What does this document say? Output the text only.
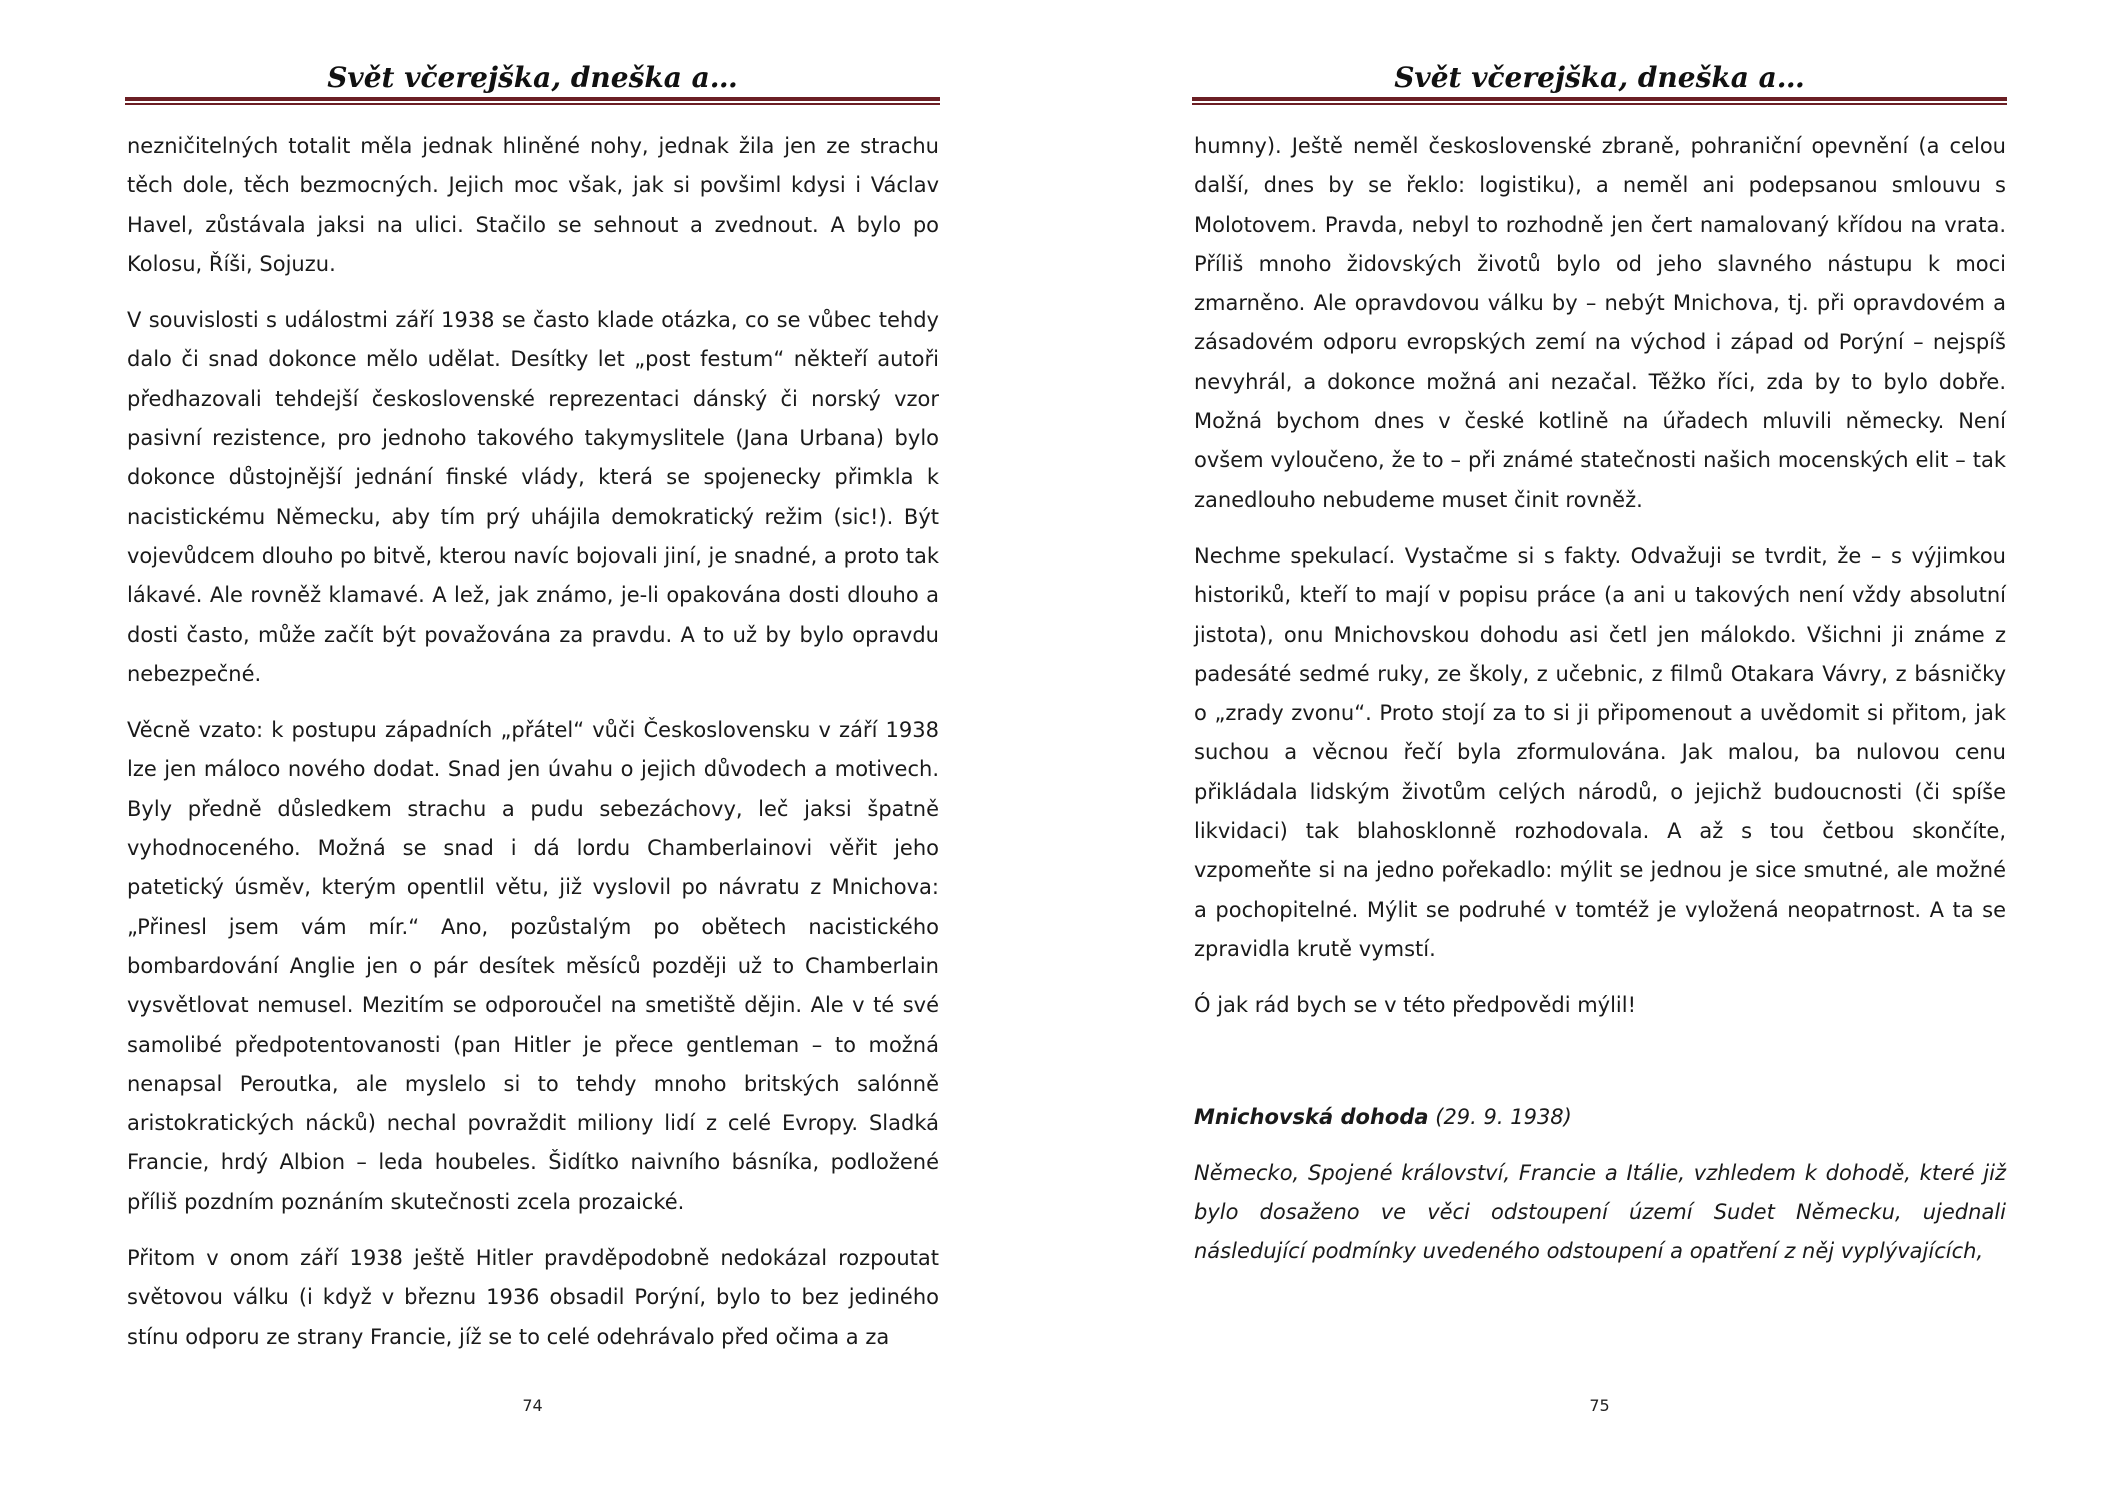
Svět včerejška, dneška a…

nezničitelných totalit měla jednak hliněné nohy, jednak žila jen ze strachu těch dole, těch bezmocných. Jejich moc však, jak si povšiml kdysi i Václav Havel, zůstávala jaksi na ulici. Stačilo se sehnout a zvednout. A bylo po Kolosu, Říši, Sojuzu.

V souvislosti s událostmi září 1938 se často klade otázka, co se vůbec tehdy dalo či snad dokonce mělo udělat. Desítky let „post festum“ někteří autoři předhazovali tehdejší československé reprezentaci dánský či norský vzor pasivní rezistence, pro jednoho takového takymyslitele (Jana Urbana) bylo dokonce důstojnější jednání finské vlády, která se spojenecky přimkla k nacistickému Německu, aby tím prý uhájila demokratický režim (sic!). Být vojevůdcem dlouho po bitvě, kterou navíc bojovali jiní, je snadné, a proto tak lákavé. Ale rovněž klamavé. A lež, jak známo, je-li opakována dosti dlouho a dosti často, může začít být považována za pravdu. A to už by bylo opravdu nebezpečné.

Věcně vzato: k postupu západních „přátel“ vůči Československu v září 1938 lze jen máloco nového dodat. Snad jen úvahu o jejich důvodech a motivech. Byly předně důsledkem strachu a pudu sebezáchovy, leč jaksi špatně vyhodnoceného. Možná se snad i dá lordu Chamberlainovi věřit jeho patetický úsměv, kterým opentlil větu, již vyslovil po návratu z Mnichova: „Přinesl jsem vám mír.“ Ano, pozůstalým po obětech nacistického bombardování Anglie jen o pár desítek měsíců později už to Chamberlain vysvětlovat nemusel. Mezitím se odporoučel na smetiště dějin. Ale v té své samolibé předpotentovanosti (pan Hitler je přece gentleman – to možná nenapsal Peroutka, ale myslelo si to tehdy mnoho britských salónně aristokratických nácků) nechal povraždit miliony lidí z celé Evropy. Sladká Francie, hrdý Albion – leda houbeles. Šidítko naivního básníka, podložené příliš pozdním poznáním skutečnosti zcela prozaické.

Přitom v onom září 1938 ještě Hitler pravděpodobně nedokázal rozpoutat světovou válku (i když v březnu 1936 obsadil Porýní, bylo to bez jediného stínu odporu ze strany Francie, jíž se to celé odehrávalo před očima a za

74
Svět včerejška, dneška a…

humny). Ještě neměl československé zbraně, pohraniční opevnění (a celou další, dnes by se řeklo: logistiku), a neměl ani podepsanou smlouvu s Molotovem. Pravda, nebyl to rozhodně jen čert namalovaný křídou na vrata. Příliš mnoho židovských životů bylo od jeho slavného nástupu k moci zmarněno. Ale opravdovou válku by – nebýt Mnichova, tj. při opravdovém a zásadovém odporu evropských zemí na východ i západ od Porýní – nejspíš nevyhrál, a dokonce možná ani nezačal. Těžko říci, zda by to bylo dobře. Možná bychom dnes v české kotlině na úřadech mluvili německy. Není ovšem vyloučeno, že to – při známé statečnosti našich mocenských elit – tak zanedlouho nebudeme muset činit rovněž.

Nechme spekulací. Vystačme si s fakty. Odvažuji se tvrdit, že – s výjimkou historiků, kteří to mají v popisu práce (a ani u takových není vždy absolutní jistota), onu Mnichovskou dohodu asi četl jen málokdo. Všichni ji známe z padesáté sedmé ruky, ze školy, z učebnic, z filmů Otakara Vávry, z básničky o „zrady zvonu“. Proto stojí za to si ji připomenout a uvědomit si přitom, jak suchou a věcnou řečí byla zformulována. Jak malou, ba nulovou cenu přikládala lidským životům celých národů, o jejichž budoucnosti (či spíše likvidaci) tak blahosklonně rozhodovala. A až s tou četbou skončíte, vzpomeňte si na jedno pořekadlo: mýlit se jednou je sice smutné, ale možné a pochopitelné. Mýlit se podruhé v tomtéž je vyložená neopatrnost. A ta se zpravidla krutě vymstí.

Ó jak rád bych se v této předpovědi mýlil!

Mnichovská dohoda (29. 9. 1938)

Německo, Spojené království, Francie a Itálie, vzhledem k dohodě, které již bylo dosaženo ve věci odstoupení území Sudet Německu, ujednali následující podmínky uvedeného odstoupení a opatření z něj vyplývajících,

75
